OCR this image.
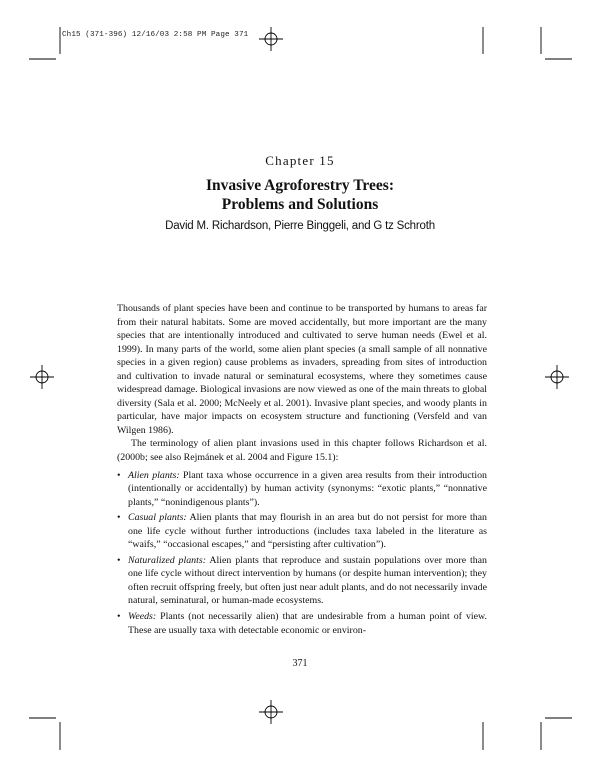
Ch15 (371-396) 12/16/03 2:58 PM Page 371
Chapter 15
Invasive Agroforestry Trees:
Problems and Solutions
David M. Richardson, Pierre Binggeli, and G tz Schroth

Thousands of plant species have been and continue to be transported by humans to areas far from their natural habitats. Some are moved accidentally, but more important are the many species that are intentionally introduced and cultivated to serve human needs (Ewel et al. 1999). In many parts of the world, some alien plant species (a small sample of all nonnative species in a given region) cause problems as invaders, spreading from sites of introduction and cultivation to invade natural or seminatural ecosystems, where they sometimes cause widespread damage. Biological invasions are now viewed as one of the main threats to global diversity (Sala et al. 2000; McNeely et al. 2001). Invasive plant species, and woody plants in particular, have major impacts on ecosystem structure and functioning (Versfeld and van Wilgen 1986).

The terminology of alien plant invasions used in this chapter follows Richardson et al. (2000b; see also Rejmánek et al. 2004 and Figure 15.1):

• Alien plants: Plant taxa whose occurrence in a given area results from their introduction (intentionally or accidentally) by human activity (synonyms: “exotic plants,” “nonnative plants,” “nonindigenous plants”).
• Casual plants: Alien plants that may flourish in an area but do not persist for more than one life cycle without further introductions (includes taxa labeled in the literature as “waifs,” “occasional escapes,” and “persisting after cultivation”).
• Naturalized plants: Alien plants that reproduce and sustain populations over more than one life cycle without direct intervention by humans (or despite human intervention); they often recruit offspring freely, but often just near adult plants, and do not necessarily invade natural, seminatural, or human-made ecosystems.
• Weeds: Plants (not necessarily alien) that are undesirable from a human point of view. These are usually taxa with detectable economic or environ-
371
